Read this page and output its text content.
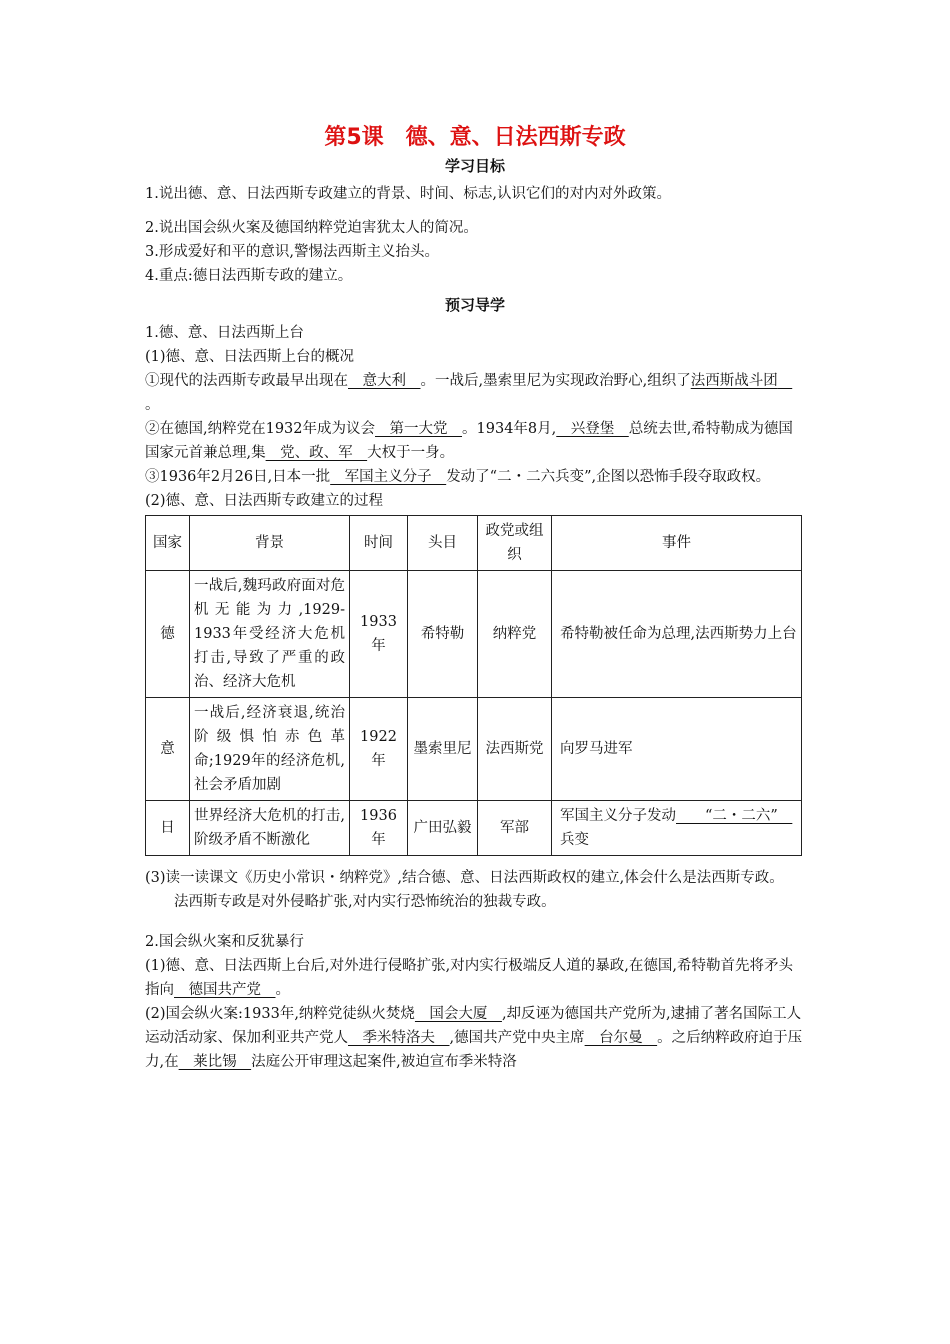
第5课　德、意、日法西斯专政
学习目标

1.说出德、意、日法西斯专政建立的背景、时间、标志,认识它们的对内对外政策。

2.说出国会纵火案及德国纳粹党迫害犹太人的简况。

3.形成爱好和平的意识,警惕法西斯主义抬头。

4.重点:德日法西斯专政的建立。

预习导学

1.德、意、日法西斯上台

(1)德、意、日法西斯上台的概况

①现代的法西斯专政最早出现在　意大利　。一战后,墨索里尼为实现政治野心,组织了法西斯战斗团　。

②在德国,纳粹党在1932年成为议会　第一大党　。1934年8月,　兴登堡　总统去世,希特勒成为德国国家元首兼总理,集　党、政、军　大权于一身。

③1936年2月26日,日本一批　军国主义分子　发动了“二・二六兵变”,企图以恐怖手段夺取政权。

(2)德、意、日法西斯专政建立的过程

国家	背景	时间	头目	政党或组织	事件
德	一战后,魏玛政府面对危机无能为力,1929-1933年受经济大危机打击,导致了严重的政治、经济大危机	1933年	希特勒	纳粹党	希特勒被任命为总理,法西斯势力上台
意	一战后,经济衰退,统治阶级惧怕赤色革命;1929年的经济危机,社会矛盾加剧	1922年	墨索里尼	法西斯党	向罗马进军
日	世界经济大危机的打击,阶级矛盾不断激化	1936年	广田弘毅	军部	军国主义分子发动　　“二・二六”　兵变

(3)读一读课文《历史小常识・纳粹党》,结合德、意、日法西斯政权的建立,体会什么是法西斯专政。

法西斯专政是对外侵略扩张,对内实行恐怖统治的独裁专政。

2.国会纵火案和反犹暴行

(1)德、意、日法西斯上台后,对外进行侵略扩张,对内实行极端反人道的暴政,在德国,希特勒首先将矛头指向　德国共产党　。

(2)国会纵火案:1933年,纳粹党徒纵火焚烧　国会大厦　,却反诬为德国共产党所为,逮捕了著名国际工人运动活动家、保加利亚共产党人　季米特洛夫　,德国共产党中央主席　台尔曼　。之后纳粹政府迫于压力,在　莱比锡　法庭公开审理这起案件,被迫宣布季米特洛
